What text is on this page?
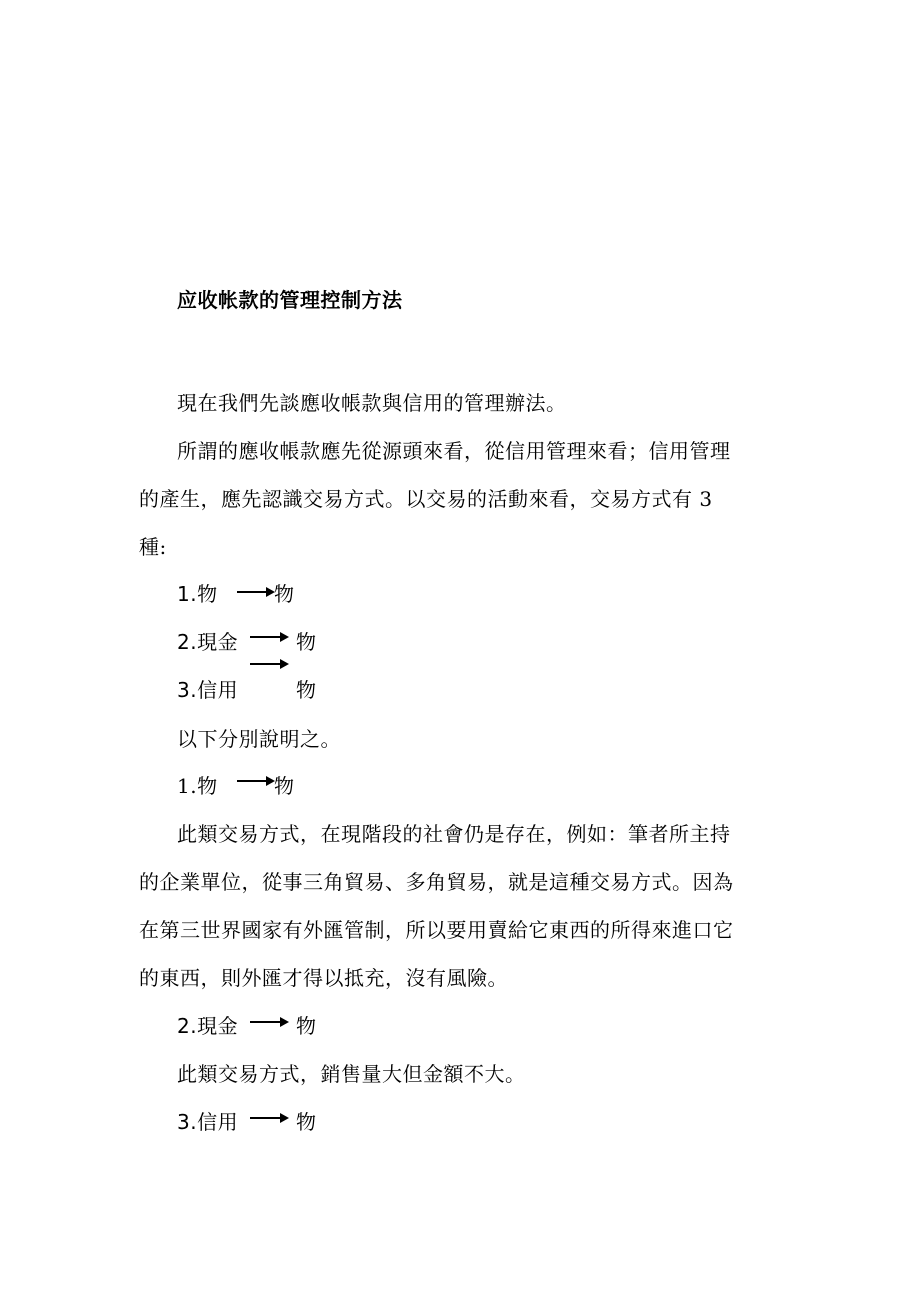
应收帐款的管理控制方法
現在我們先談應收帳款與信用的管理辦法。
所謂的應收帳款應先從源頭來看，從信用管理來看；信用管理
的產生，應先認識交易方式。以交易的活動來看，交易方式有 3
種:
1.物	物
2.現金	物
3.信用	物
以下分別說明之。
1.物	物
此類交易方式，在現階段的社會仍是存在，例如：筆者所主持
的企業單位，從事三角貿易、多角貿易，就是這種交易方式。因為
在第三世界國家有外匯管制，所以要用賣給它東西的所得來進口它
的東西，則外匯才得以抵充，沒有風險。
2.現金	物
此類交易方式，銷售量大但金額不大。
3.信用	物
